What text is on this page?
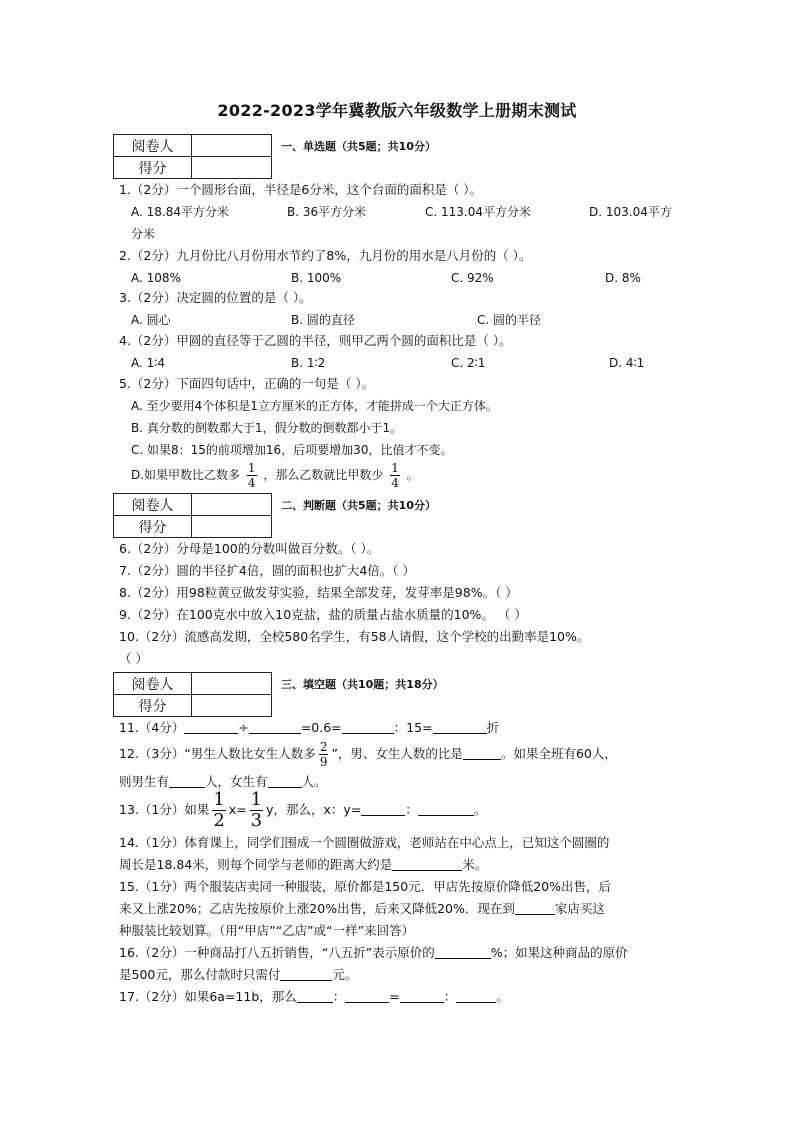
2022-2023学年冀教版六年级数学上册期末测试
阅卷人	
得分	
一、单选题（共5题；共10分）
1.（2分）一个圆形台面，半径是6分米，这个台面的面积是（ ）。
A. 18.84平方分米	B. 36平方分米	C. 113.04平方分米	D. 103.04平方
分米
2.（2分）九月份比八月份用水节约了8%，九月份的用水是八月份的（ ）。
A. 108%	B. 100%	C. 92%	D. 8%
3.（2分）决定圆的位置的是（ ）。
A. 圆心	B. 圆的直径	C. 圆的半径
4.（2分）甲圆的直径等于乙圆的半径，则甲乙两个圆的面积比是（ ）。
A. 1∶4	B. 1∶2	C. 2∶1	D. 4∶1
5.（2分）下面四句话中，正确的一句是（ ）。
A. 至少要用4个体积是1立方厘米的正方体，才能拼成一个大正方体。
B. 真分数的倒数都大于1，假分数的倒数都小于1。
C. 如果8：15的前项增加16，后项要增加30，比值才不变。
D.如果甲数比乙数多 $\frac{1}{4}$ ，那么乙数就比甲数少 $\frac{1}{4}$ 。
阅卷人	
得分	
二、判断题（共5题；共10分）
6.（2分）分母是100的分数叫做百分数。（ ）。
7.（2分）圆的半径扩4倍，圆的面积也扩大4倍。（ ）
8.（2分）用98粒黄豆做发芽实验，结果全部发芽，发芽率是98%。（ ）
9.（2分）在100克水中放入10克盐，盐的质量占盐水质量的10%。 （ ）
10.（2分）流感高发期，全校580名学生，有58人请假，这个学校的出勤率是10%。
（ ）
阅卷人	
得分	
三、填空题（共10题；共18分）
11.（4分）	÷	=0.6=	：15=	折
12.（3分）“男生人数比女生人数多 $\frac{2}{9}$ ”，男、女生人数的比是	。如果全班有60人，
则男生有	人，女生有	人。
13.（1分）如果 $\frac{1}{2} x= \frac{1}{3}$ y，那么，x：y=	：	。
14.（1分）体育课上，同学们围成一个圆圈做游戏，老师站在中心点上，已知这个圆圈的
周长是18.84米，则每个同学与老师的距离大约是	米。
15.（1分）两个服装店卖同一种服装，原价都是150元．甲店先按原价降低20%出售，后
来又上涨20%；乙店先按原价上涨20%出售，后来又降低20%．现在到	家店买这
种服装比较划算。（用“甲店”“乙店”或“一样”来回答）
16.（2分）一种商品打八五折销售，“八五折”表示原价的	%；如果这种商品的原价
是500元，那么付款时只需付	元。
17.（2分）如果6a=11b，那么	：	=	：	。
